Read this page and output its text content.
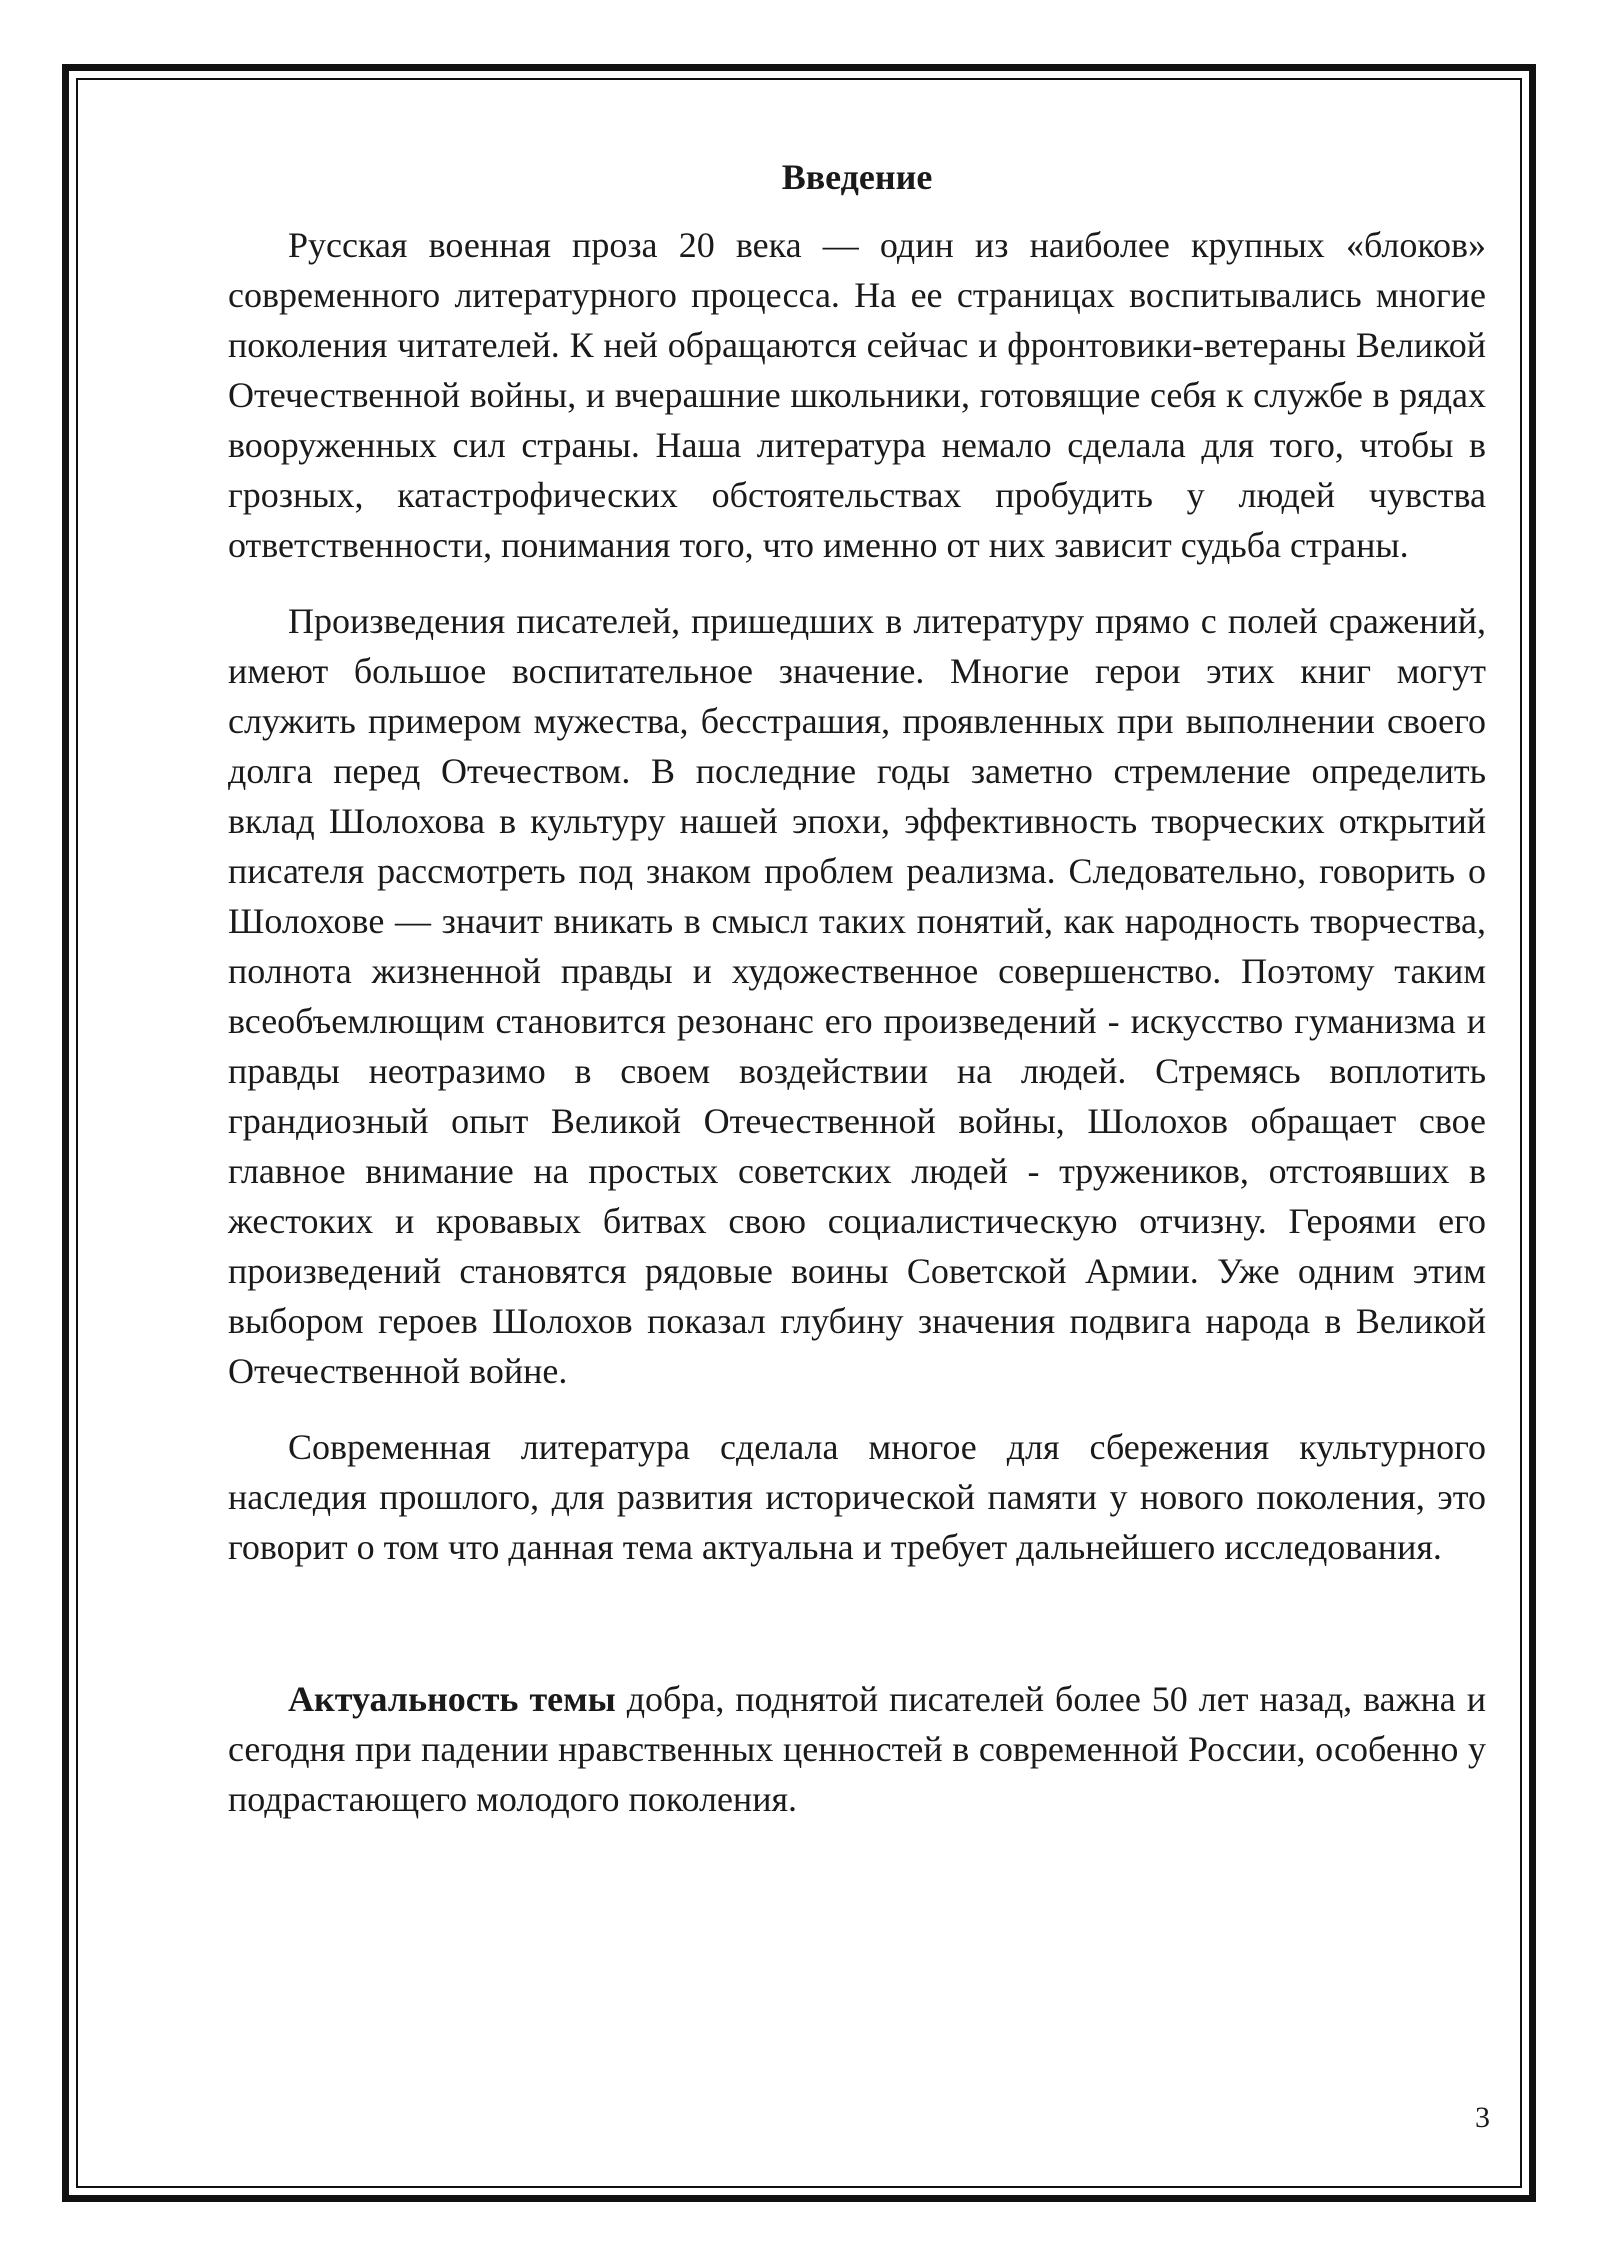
Введение

Русская военная проза 20 века — один из наиболее крупных «блоков» современного литературного процесса. На ее страницах воспитывались многие поколения читателей. К ней обращаются сейчас и фронтовики-ветераны Великой Отечественной войны, и вчерашние школьники, готовящие себя к службе в рядах вооруженных сил страны. Наша литература немало сделала для того, чтобы в грозных, катастрофических обстоятельствах пробудить у людей чувства ответственности, понимания того, что именно от них зависит судьба страны.

Произведения писателей, пришедших в литературу прямо с полей сражений, имеют большое воспитательное значение. Многие герои этих книг могут служить примером мужества, бесстрашия, проявленных при выполнении своего долга перед Отечеством. В последние годы заметно стремление определить вклад Шолохова в культуру нашей эпохи, эффективность творческих открытий писателя рассмотреть под знаком проблем реализма. Следовательно, говорить о Шолохове — значит вникать в смысл таких понятий, как народность творчества, полнота жизненной правды и художественное совершенство. Поэтому таким всеобъемлющим становится резонанс его произведений - искусство гуманизма и правды неотразимо в своем воздействии на людей. Стремясь воплотить грандиозный опыт Великой Отечественной войны, Шолохов обращает свое главное внимание на простых советских людей - тружеников, отстоявших в жестоких и кровавых битвах свою социалистическую отчизну. Героями его произведений становятся рядовые воины Советской Армии. Уже одним этим выбором героев Шолохов показал глубину значения подвига народа в Великой Отечественной войне.

Современная литература сделала многое для сбережения культурного наследия прошлого, для развития исторической памяти у нового поколения, это говорит о том что данная тема актуальна и требует дальнейшего исследования.

Актуальность темы добра, поднятой писателей более 50 лет назад, важна и сегодня при падении нравственных ценностей в современной России, особенно у подрастающего молодого поколения.

3
